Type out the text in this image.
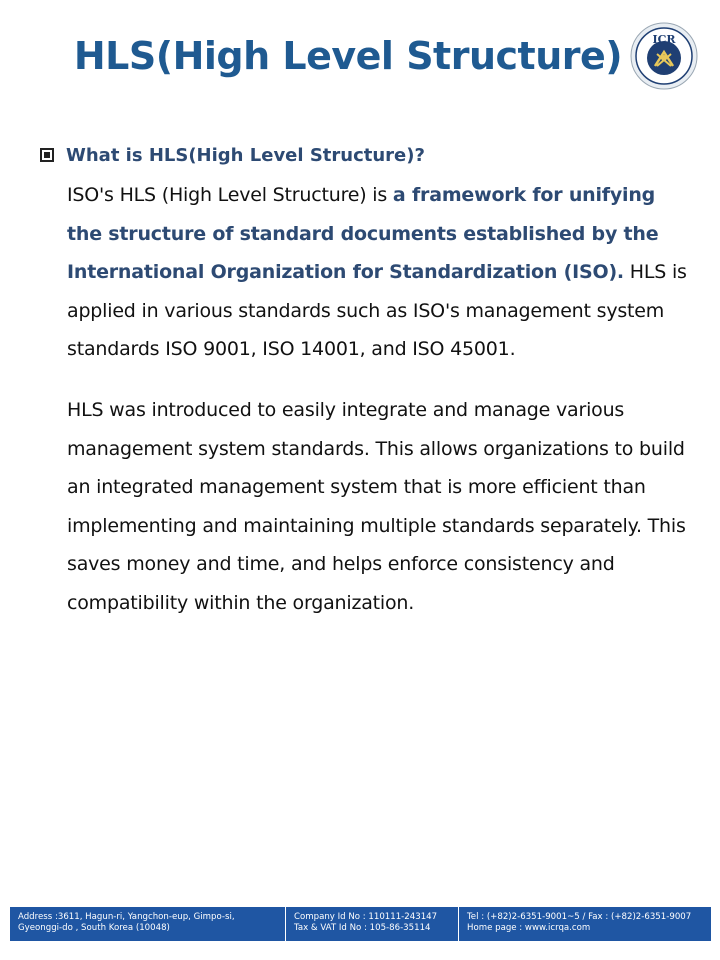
HLS(High Level Structure)	ICR
What is HLS(High Level Structure)?

ISO's HLS (High Level Structure) is a framework for unifying the structure of standard documents established by the International Organization for Standardization (ISO). HLS is applied in various standards such as ISO's management system standards ISO 9001, ISO 14001, and ISO 45001.

HLS was introduced to easily integrate and manage various management system standards. This allows organizations to build an integrated management system that is more efficient than implementing and maintaining multiple standards separately. This saves money and time, and helps enforce consistency and compatibility within the organization.

Address :3611, Hagun-ri, Yangchon-eup, Gimpo-si,
Gyeonggi-do , South Korea (10048)
Company Id No : 110111-243147
Tax & VAT Id No : 105-86-35114
Tel : (+82)2-6351-9001~5 / Fax : (+82)2-6351-9007
Home page : www.icrqa.com
